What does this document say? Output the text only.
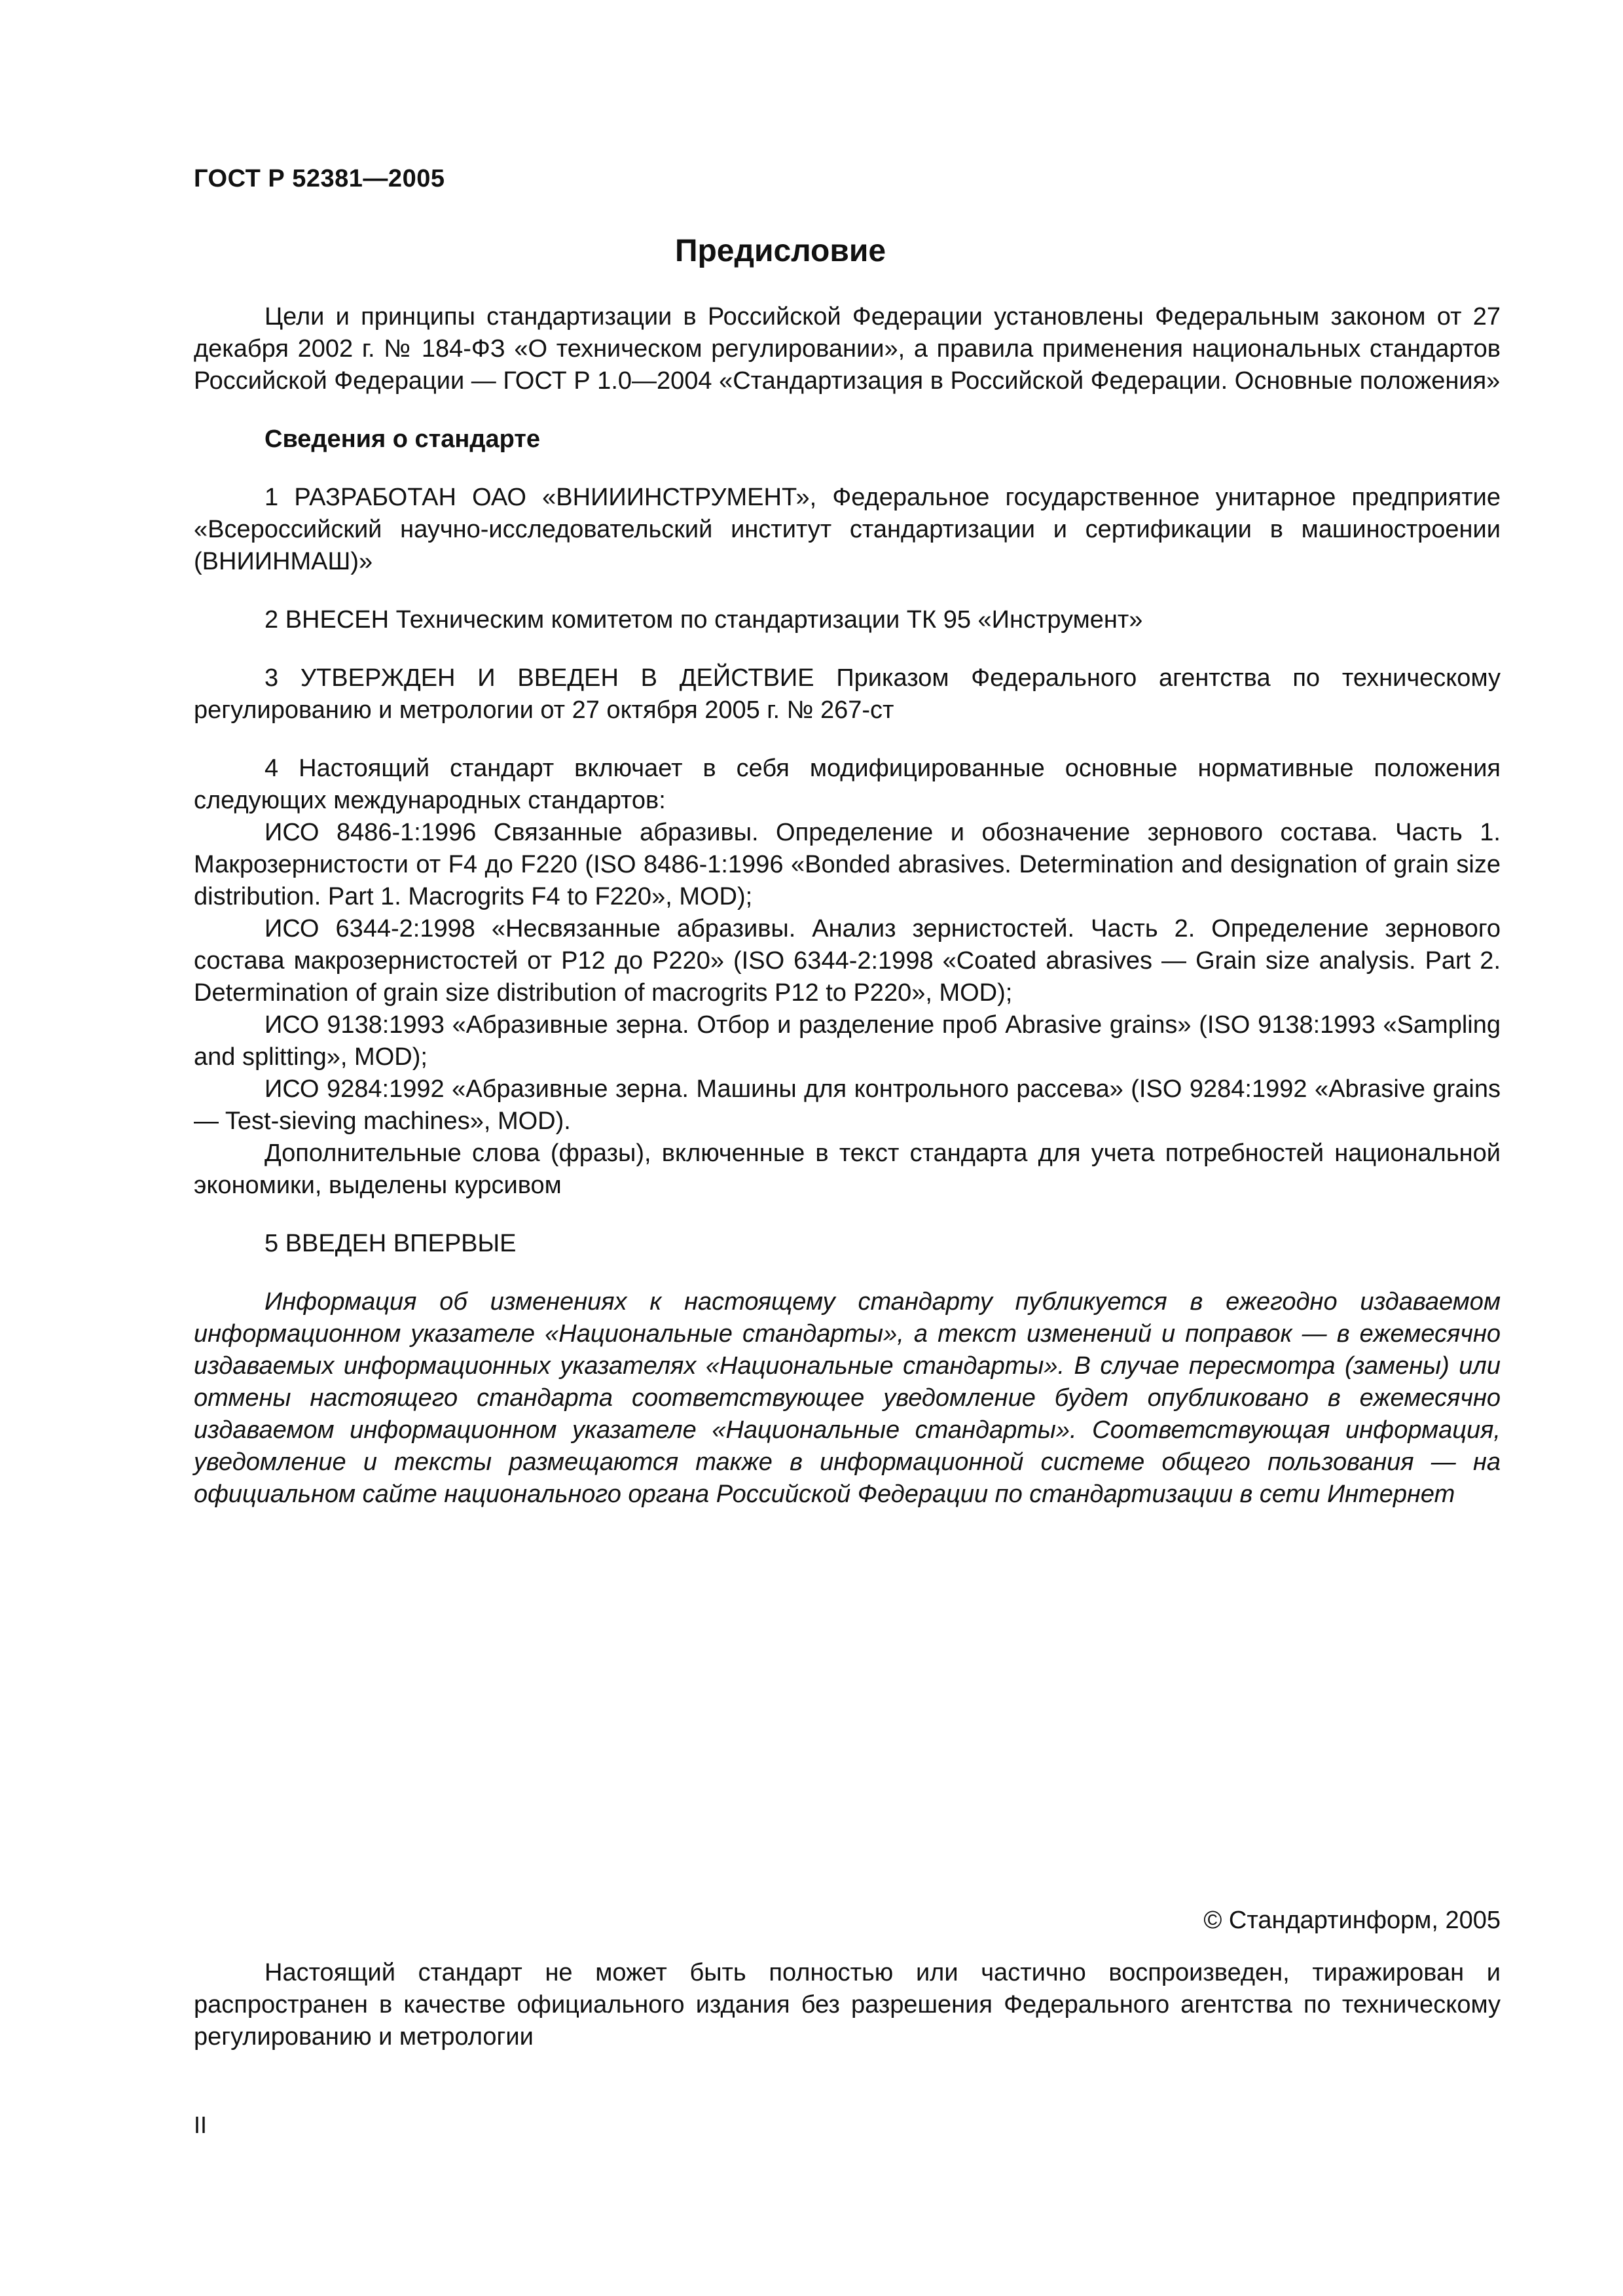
ГОСТ Р 52381—2005
Предисловие

Цели и принципы стандартизации в Российской Федерации установлены Федеральным законом от 27 декабря 2002 г. № 184-ФЗ «О техническом регулировании», а правила применения национальных стандартов Российской Федерации — ГОСТ Р 1.0—2004 «Стандартизация в Российской Федерации. Основные положения»

Сведения о стандарте

1 РАЗРАБОТАН ОАО «ВНИИИНСТРУМЕНТ», Федеральное государственное унитарное предприятие «Всероссийский научно-исследовательский институт стандартизации и сертификации в машиностроении (ВНИИНМАШ)»

2 ВНЕСЕН Техническим комитетом по стандартизации ТК 95 «Инструмент»

3 УТВЕРЖДЕН И ВВЕДЕН В ДЕЙСТВИЕ Приказом Федерального агентства по техническому регулированию и метрологии от 27 октября 2005 г. № 267-ст

4 Настоящий стандарт включает в себя модифицированные основные нормативные положения следующих международных стандартов:

ИСО 8486-1:1996 Связанные абразивы. Определение и обозначение зернового состава. Часть 1. Макрозернистости от F4 до F220 (ISO 8486-1:1996 «Bonded abrasives. Determination and designation of grain size distribution. Part 1. Macrogrits F4 to F220», MOD);

ИСО 6344-2:1998 «Несвязанные абразивы. Анализ зернистостей. Часть 2. Определение зернового состава макрозернистостей от P12 до P220» (ISO 6344-2:1998 «Coated abrasives — Grain size analysis. Part 2. Determination of grain size distribution of macrogrits P12 to P220», MOD);

ИСО 9138:1993 «Абразивные зерна. Отбор и разделение проб Abrasive grains» (ISO 9138:1993 «Sampling and splitting», MOD);

ИСО 9284:1992 «Абразивные зерна. Машины для контрольного рассева» (ISO 9284:1992 «Abrasive grains — Test-sieving machines», MOD).

Дополнительные слова (фразы), включенные в текст стандарта для учета потребностей национальной экономики, выделены курсивом

5 ВВЕДЕН ВПЕРВЫЕ

Информация об изменениях к настоящему стандарту публикуется в ежегодно издаваемом информационном указателе «Национальные стандарты», а текст изменений и поправок — в ежемесячно издаваемых информационных указателях «Национальные стандарты». В случае пересмотра (замены) или отмены настоящего стандарта соответствующее уведомление будет опубликовано в ежемесячно издаваемом информационном указателе «Национальные стандарты». Соответствующая информация, уведомление и тексты размещаются также в информационной системе общего пользования — на официальном сайте национального органа Российской Федерации по стандартизации в сети Интернет

© Стандартинформ, 2005

Настоящий стандарт не может быть полностью или частично воспроизведен, тиражирован и распространен в качестве официального издания без разрешения Федерального агентства по техническому регулированию и метрологии

II
